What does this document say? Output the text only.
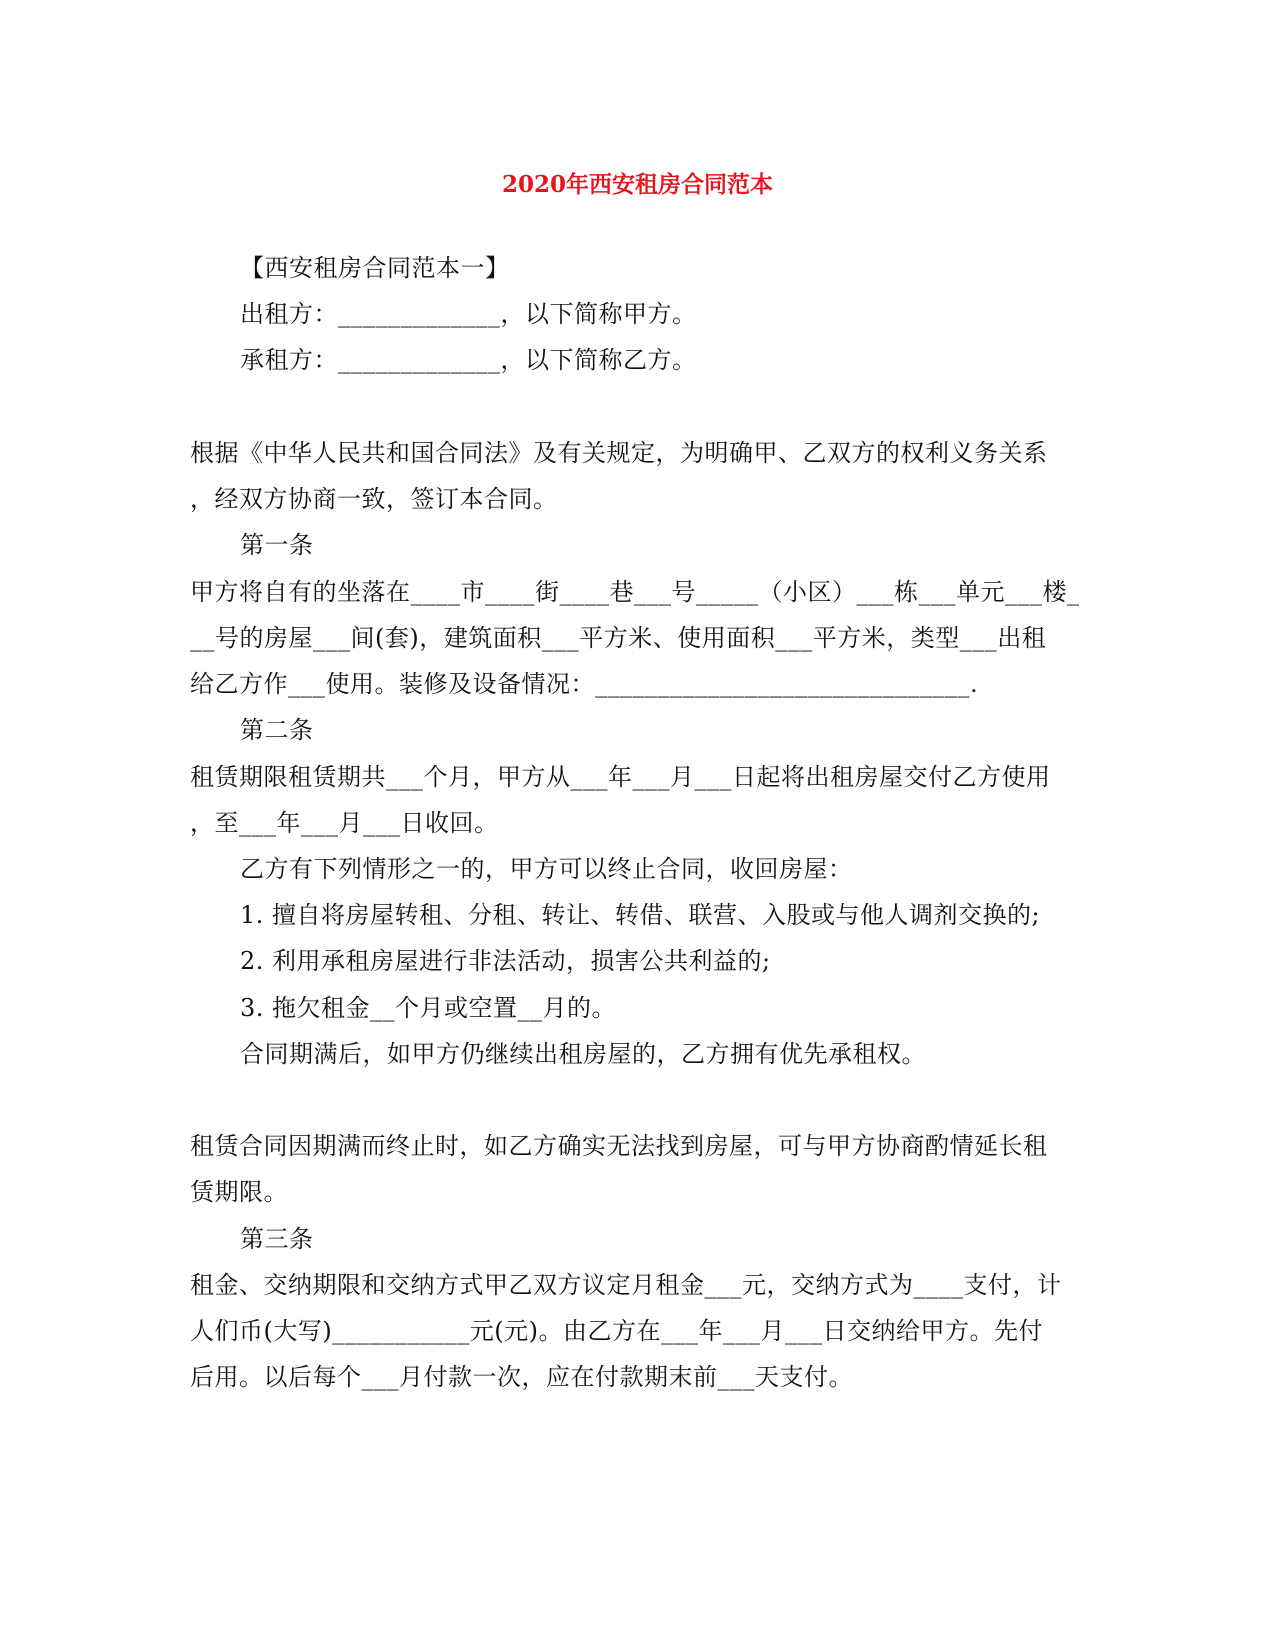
2020年西安租房合同范本
【西安租房合同范本一】
出租方：_____________，以下简称甲方。
承租方：_____________，以下简称乙方。
根据《中华人民共和国合同法》及有关规定，为明确甲、乙双方的权利义务关系
，经双方协商一致，签订本合同。
第一条
甲方将自有的坐落在____市____街____巷___号_____（小区）___栋___单元___楼_
__号的房屋___间(套)，建筑面积___平方米、使用面积___平方米，类型___出租
给乙方作___使用。装修及设备情况：______________________________.
第二条
租赁期限租赁期共___个月，甲方从___年___月___日起将出租房屋交付乙方使用
，至___年___月___日收回。
乙方有下列情形之一的，甲方可以终止合同，收回房屋：
1. 擅自将房屋转租、分租、转让、转借、联营、入股或与他人调剂交换的;
2. 利用承租房屋进行非法活动，损害公共利益的;
3. 拖欠租金__个月或空置__月的。
合同期满后，如甲方仍继续出租房屋的，乙方拥有优先承租权。
租赁合同因期满而终止时，如乙方确实无法找到房屋，可与甲方协商酌情延长租
赁期限。
第三条
租金、交纳期限和交纳方式甲乙双方议定月租金___元，交纳方式为____支付，计
人们币(大写)___________元(元)。由乙方在___年___月___日交纳给甲方。先付
后用。以后每个___月付款一次，应在付款期末前___天支付。
